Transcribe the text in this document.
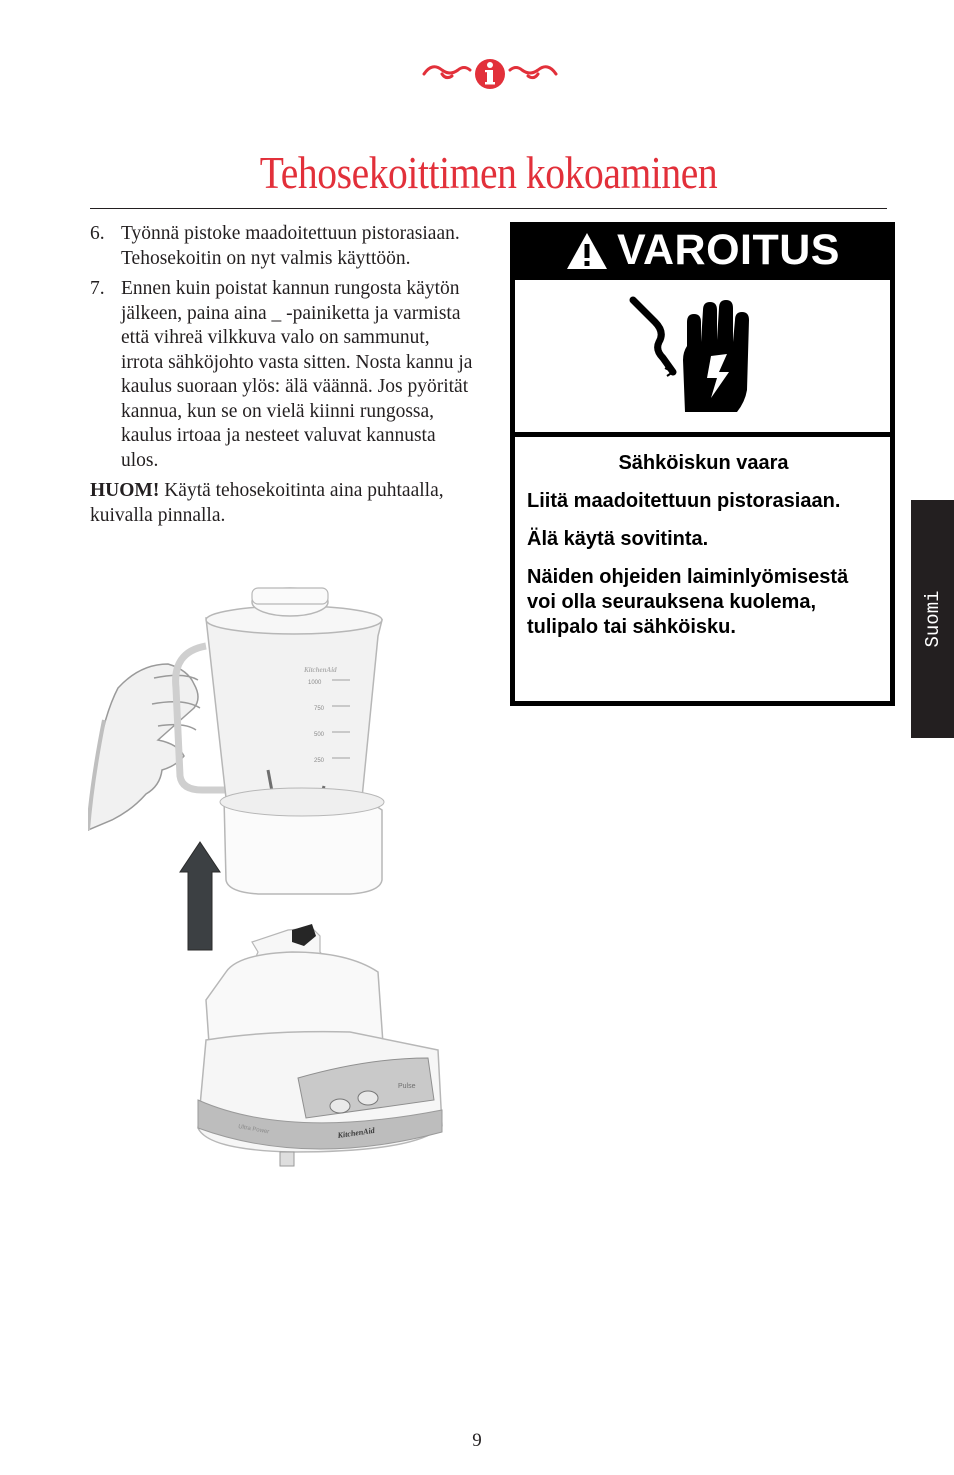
Tehosekoittimen kokoaminen
6. Työnnä pistoke maadoitettuun pistorasiaan. Tehosekoitin on nyt valmis käyttöön.
7. Ennen kuin poistat kannun rungosta käytön jälkeen, paina aina _ -painiketta ja varmista että vihreä vilkkuva valo on sammunut, irrota sähköjohto vasta sitten. Nosta kannu ja kaulus suoraan ylös: älä väännä. Jos pyörität kannua, kun se on vielä kiinni rungossa, kaulus irtoaa ja nesteet valuvat kannusta ulos.
HUOM! Käytä tehosekoitinta aina puhtaalla, kuivalla pinnalla.
VAROITUS
Sähköiskun vaara

Liitä maadoitettuun pistorasiaan.

Älä käytä sovitinta.

Näiden ohjeiden laiminlyömisestä voi olla seurauksena kuolema, tulipalo tai sähköisku.	Suomi
1000
750
500
250
KitchenAid
Pulse
KitchenAid
Ultra Power
9
